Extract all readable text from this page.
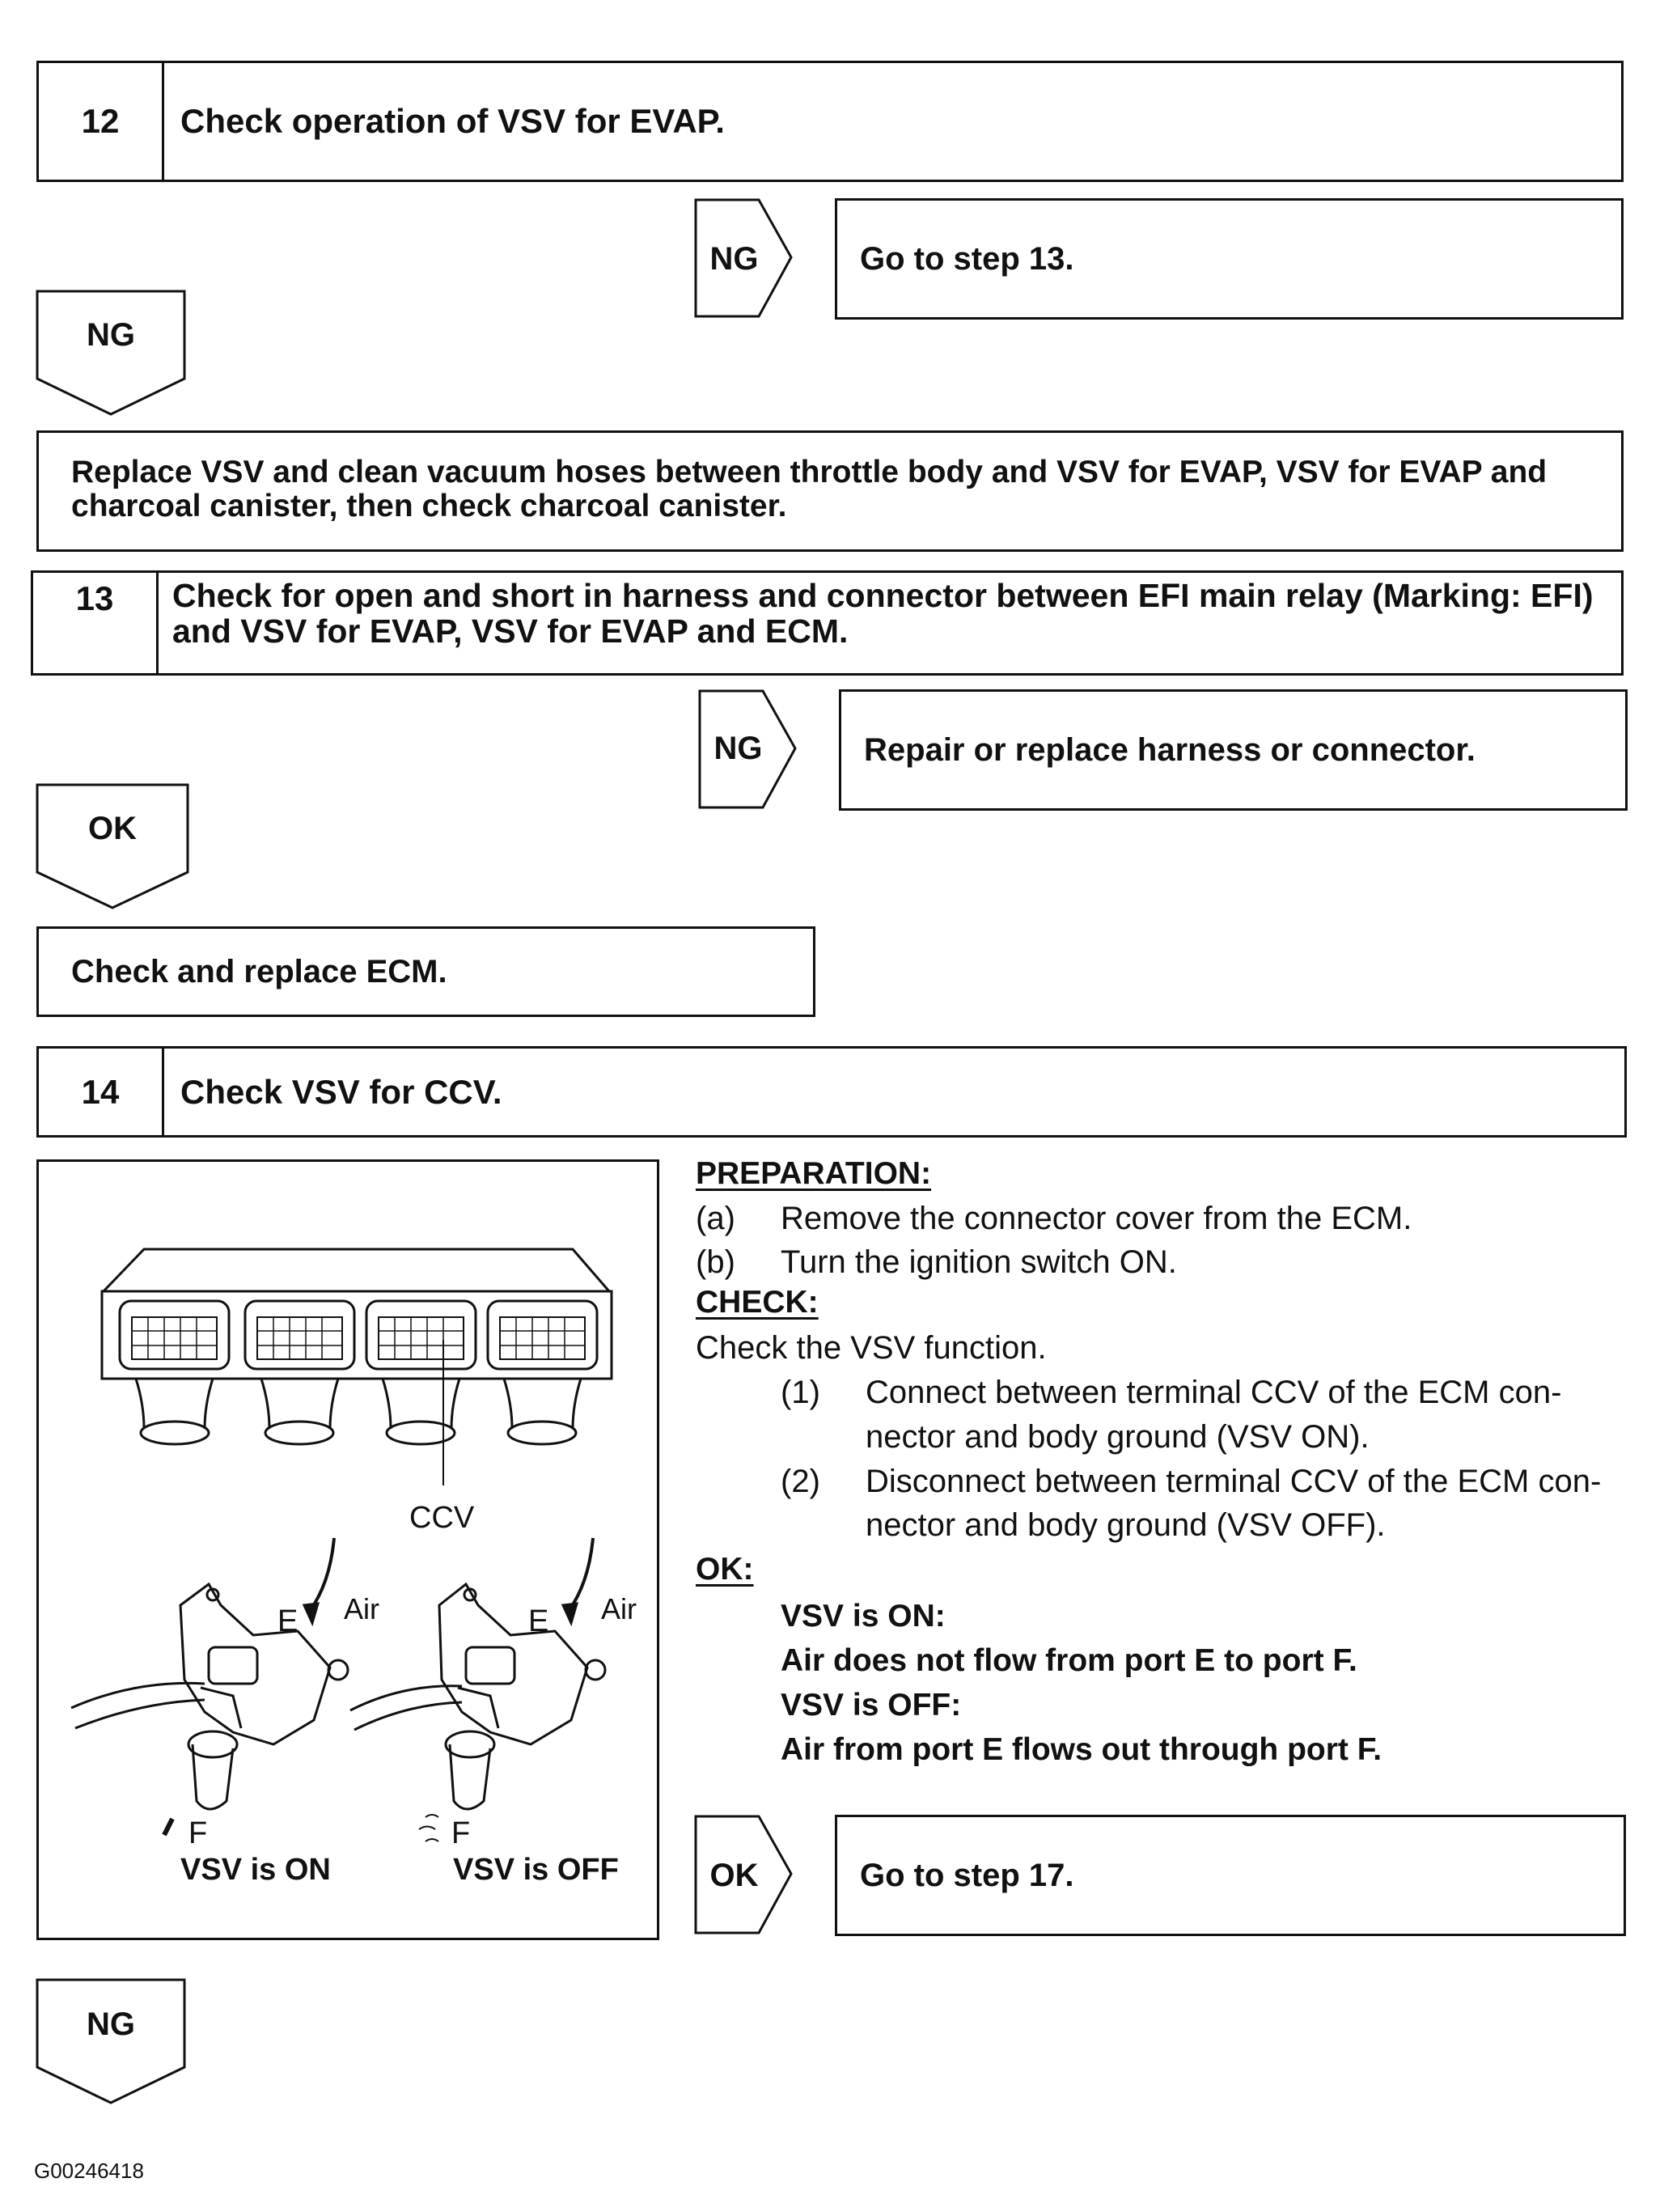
12	Check operation of VSV for EVAP.
NG	Go to step 13.
NG
Replace VSV and clean vacuum hoses between throttle body and VSV for EVAP, VSV for EVAP and charcoal canister, then check charcoal canister.
13	Check for open and short in harness and connector between EFI main relay (Marking: EFI) and VSV for EVAP, VSV for EVAP and ECM.
NG	Repair or replace harness or connector.
OK
Check and replace ECM.
14	Check VSV for CCV.
CCV
E Air
F
E Air
F
VSV is ON	VSV is OFF
PREPARATION:
(a) Remove the connector cover from the ECM.
(b) Turn the ignition switch ON.
CHECK:
Check the VSV function.
(1) Connect between terminal CCV of the ECM con-
nector and body ground (VSV ON).
(2) Disconnect between terminal CCV of the ECM con-
nector and body ground (VSV OFF).
OK:
VSV is ON:
Air does not flow from port E to port F.
VSV is OFF:
Air from port E flows out through port F.
OK	Go to step 17.
NG
G00246418
